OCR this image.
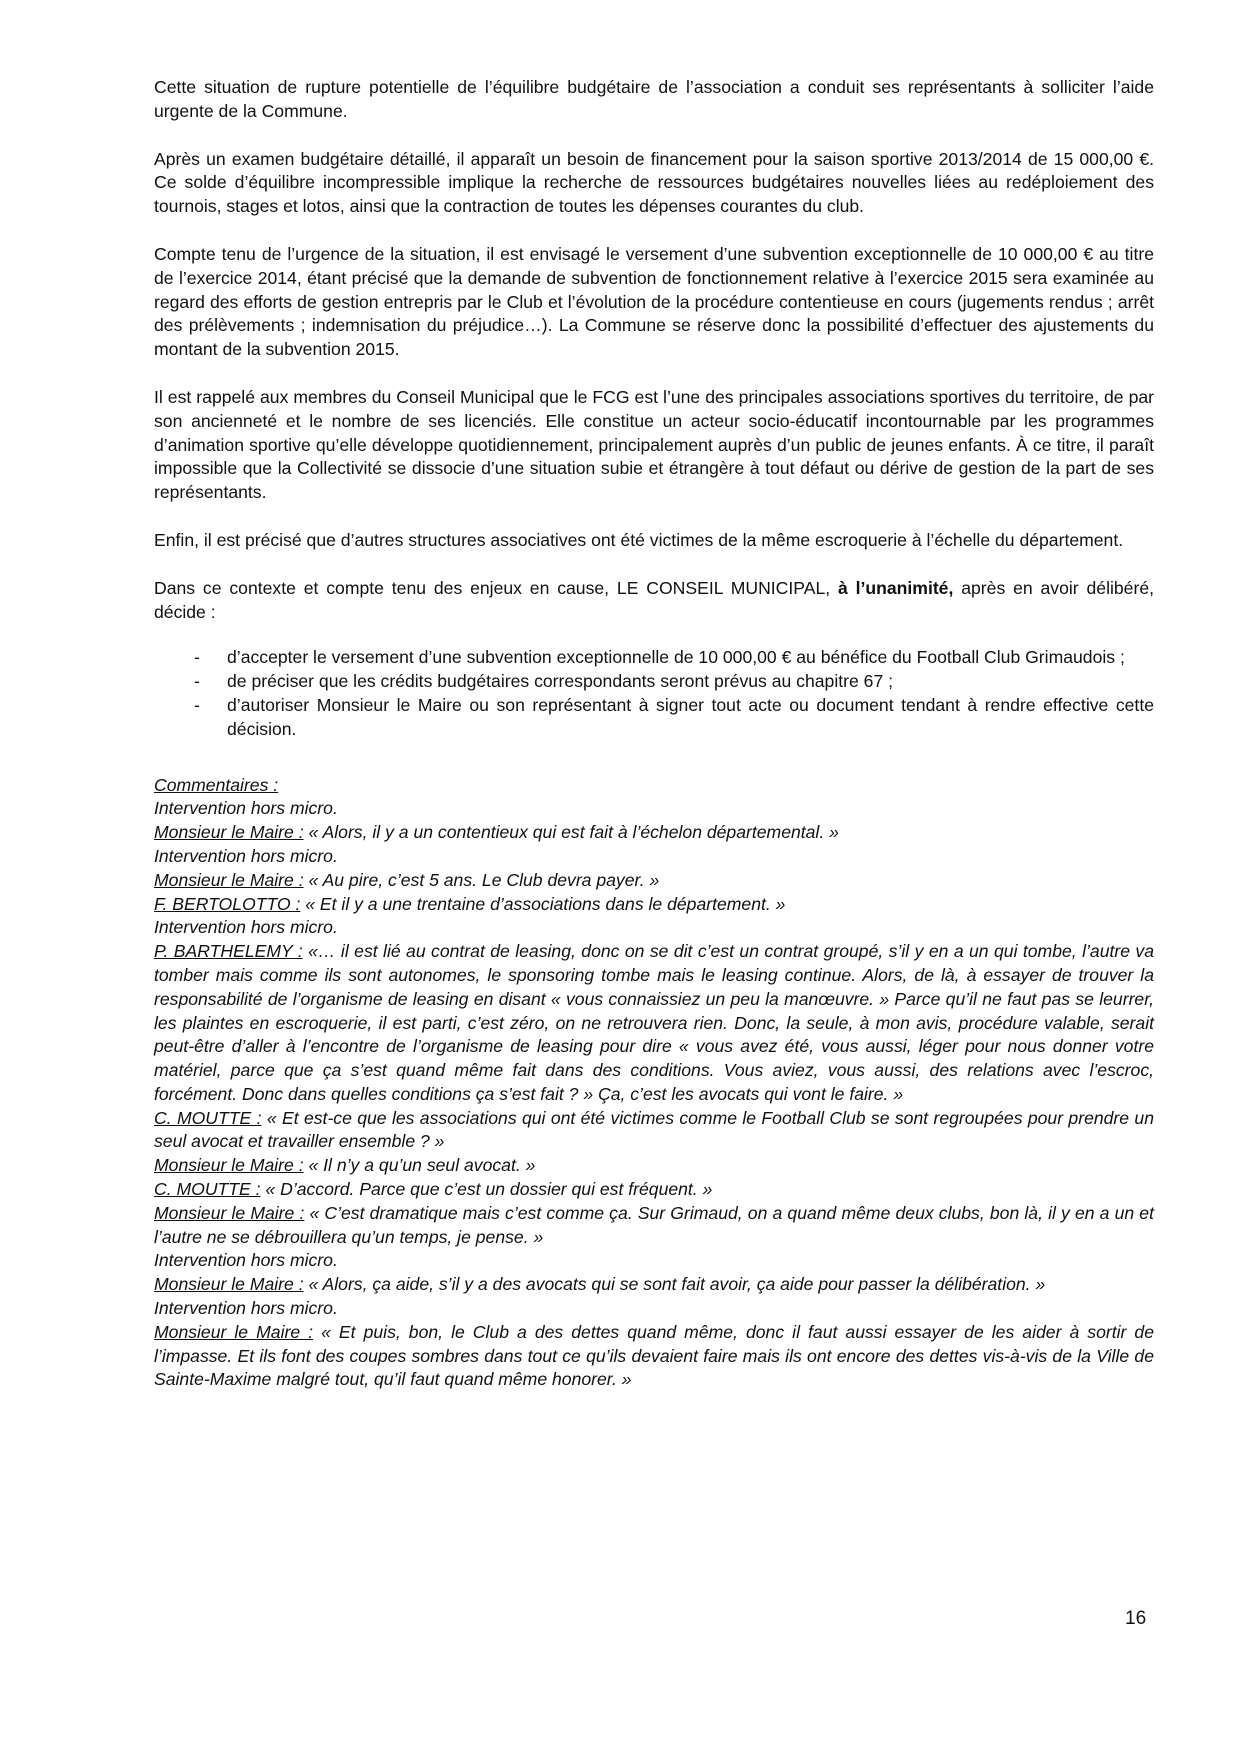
Cette situation de rupture potentielle de l’équilibre budgétaire de l’association a conduit ses représentants à solliciter l’aide urgente de la Commune.

Après un examen budgétaire détaillé, il apparaît un besoin de financement pour la saison sportive 2013/2014 de 15 000,00 €. Ce solde d’équilibre incompressible implique la recherche de ressources budgétaires nouvelles liées au redéploiement des tournois, stages et lotos, ainsi que la contraction de toutes les dépenses courantes du club.

Compte tenu de l’urgence de la situation, il est envisagé le versement d’une subvention exceptionnelle de 10 000,00 € au titre de l’exercice 2014, étant précisé que la demande de subvention de fonctionnement relative à l’exercice 2015 sera examinée au regard des efforts de gestion entrepris par le Club et l’évolution de la procédure contentieuse en cours (jugements rendus ; arrêt des prélèvements ; indemnisation du préjudice…). La Commune se réserve donc la possibilité d’effectuer des ajustements du montant de la subvention 2015.

Il est rappelé aux membres du Conseil Municipal que le FCG est l’une des principales associations sportives du territoire, de par son ancienneté et le nombre de ses licenciés. Elle constitue un acteur socio-éducatif incontournable par les programmes d’animation sportive qu’elle développe quotidiennement, principalement auprès d’un public de jeunes enfants. À ce titre, il paraît impossible que la Collectivité se dissocie d’une situation subie et étrangère à tout défaut ou dérive de gestion de la part de ses représentants.

Enfin, il est précisé que d’autres structures associatives ont été victimes de la même escroquerie à l’échelle du département.

Dans ce contexte et compte tenu des enjeux en cause, LE CONSEIL MUNICIPAL, à l’unanimité, après en avoir délibéré, décide :

- d’accepter le versement d’une subvention exceptionnelle de 10 000,00 € au bénéfice du Football Club Grimaudois ;
- de préciser que les crédits budgétaires correspondants seront prévus au chapitre 67 ;
- d’autoriser Monsieur le Maire ou son représentant à signer tout acte ou document tendant à rendre effective cette décision.

Commentaires :

Intervention hors micro.

Monsieur le Maire : « Alors, il y a un contentieux qui est fait à l’échelon départemental. »

Intervention hors micro.

Monsieur le Maire : « Au pire, c’est 5 ans. Le Club devra payer. »

F. BERTOLOTTO : « Et il y a une trentaine d’associations dans le département. »

Intervention hors micro.

P. BARTHELEMY : «… il est lié au contrat de leasing, donc on se dit c’est un contrat groupé, s’il y en a un qui tombe, l’autre va tomber mais comme ils sont autonomes, le sponsoring tombe mais le leasing continue. Alors, de là, à essayer de trouver la responsabilité de l’organisme de leasing en disant « vous connaissiez un peu la manœuvre. » Parce qu’il ne faut pas se leurrer, les plaintes en escroquerie, il est parti, c’est zéro, on ne retrouvera rien. Donc, la seule, à mon avis, procédure valable, serait peut-être d’aller à l’encontre de l’organisme de leasing pour dire « vous avez été, vous aussi, léger pour nous donner votre matériel, parce que ça s’est quand même fait dans des conditions. Vous aviez, vous aussi, des relations avec l’escroc, forcément. Donc dans quelles conditions ça s’est fait ? » Ça, c’est les avocats qui vont le faire. »

C. MOUTTE : « Et est-ce que les associations qui ont été victimes comme le Football Club se sont regroupées pour prendre un seul avocat et travailler ensemble ? »

Monsieur le Maire : « Il n’y a qu’un seul avocat. »

C. MOUTTE : « D’accord. Parce que c’est un dossier qui est fréquent. »

Monsieur le Maire : « C’est dramatique mais c’est comme ça. Sur Grimaud, on a quand même deux clubs, bon là, il y en a un et l’autre ne se débrouillera qu’un temps, je pense. »

Intervention hors micro.

Monsieur le Maire : « Alors, ça aide, s’il y a des avocats qui se sont fait avoir, ça aide pour passer la délibération. »

Intervention hors micro.

Monsieur le Maire : « Et puis, bon, le Club a des dettes quand même, donc il faut aussi essayer de les aider à sortir de l’impasse. Et ils font des coupes sombres dans tout ce qu’ils devaient faire mais ils ont encore des dettes vis-à-vis de la Ville de Sainte-Maxime malgré tout, qu’il faut quand même honorer. »

16
